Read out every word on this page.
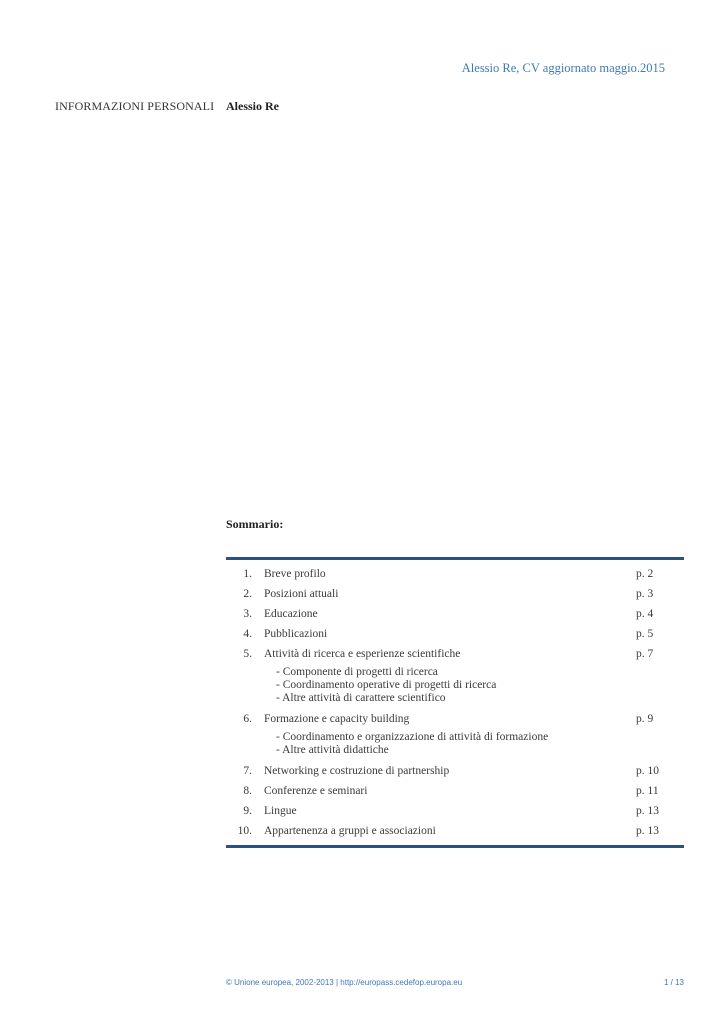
Alessio Re, CV aggiornato maggio.2015
INFORMAZIONI PERSONALI Alessio Re
Sommario:
1.	Breve profilo	p. 2
2.	Posizioni attuali	p. 3
3.	Educazione	p. 4
4.	Pubblicazioni	p. 5
5.	Attività di ricerca e esperienze scientifiche	p. 7
- Componente di progetti di ricerca
- Coordinamento operative di progetti di ricerca
- Altre attività di carattere scientifico
6.	Formazione e capacity building	p. 9
- Coordinamento e organizzazione di attività di formazione
- Altre attività didattiche
7.	Networking e costruzione di partnership	p. 10
8.	Conferenze e seminari	p. 11
9.	Lingue	p. 13
10.	Appartenenza a gruppi e associazioni	p. 13
© Unione europea, 2002-2013 | http://europass.cedefop.europa.eu	1 / 13
